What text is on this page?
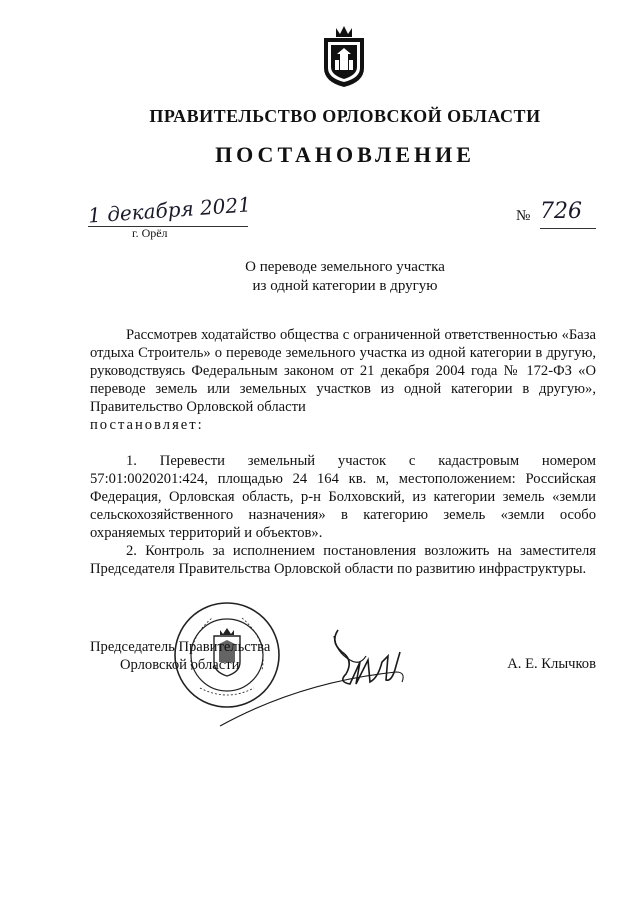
ПРАВИТЕЛЬСТВО ОРЛОВСКОЙ ОБЛАСТИ
ПОСТАНОВЛЕНИЕ
1 декабря 2021
г. Орёл
№ 726
О переводе земельного участка
из одной категории в другую

Рассмотрев ходатайство общества с ограниченной ответственностью «База отдыха Строитель» о переводе земельного участка из одной категории в другую, руководствуясь Федеральным законом от 21 декабря 2004 года № 172-ФЗ «О переводе земель или земельных участков из одной категории в другую», Правительство Орловской области
постановляет:

1. Перевести земельный участок с кадастровым номером 57:01:0020201:424, площадью 24 164 кв. м, местоположением: Российская Федерация, Орловская область, р-н Болховский, из категории земель «земли сельскохозяйственного назначения» в категорию земель «земли особо охраняемых территорий и объектов».

2. Контроль за исполнением постановления возложить на заместителя Председателя Правительства Орловской области по развитию инфраструктуры.

Председатель Правительства
Орловской области	А. Е. Клычков
